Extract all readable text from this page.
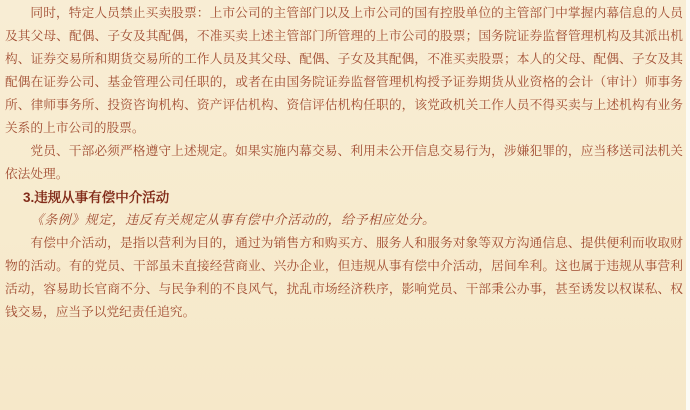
同时，特定人员禁止买卖股票：上市公司的主管部门以及上市公司的国有控股单位的主管部门中掌握内幕信息的人员及其父母、配偶、子女及其配偶，不准买卖上述主管部门所管理的上市公司的股票；国务院证券监督管理机构及其派出机构、证券交易所和期货交易所的工作人员及其父母、配偶、子女及其配偶，不准买卖股票；本人的父母、配偶、子女及其配偶在证券公司、基金管理公司任职的，或者在由国务院证券监督管理机构授予证券期货从业资格的会计（审计）师事务所、律师事务所、投资咨询机构、资产评估机构、资信评估机构任职的，该党政机关工作人员不得买卖与上述机构有业务关系的上市公司的股票。

党员、干部必须严格遵守上述规定。如果实施内幕交易、利用未公开信息交易行为，涉嫌犯罪的，应当移送司法机关依法处理。

3.违规从事有偿中介活动

《条例》规定，违反有关规定从事有偿中介活动的，给予相应处分。

有偿中介活动，是指以营利为目的，通过为销售方和购买方、服务人和服务对象等双方沟通信息、提供便利而收取财物的活动。有的党员、干部虽未直接经营商业、兴办企业，但违规从事有偿中介活动，居间牟利。这也属于违规从事营利活动，容易助长官商不分、与民争利的不良风气，扰乱市场经济秩序，影响党员、干部秉公办事，甚至诱发以权谋私、权钱交易，应当予以党纪责任追究。
